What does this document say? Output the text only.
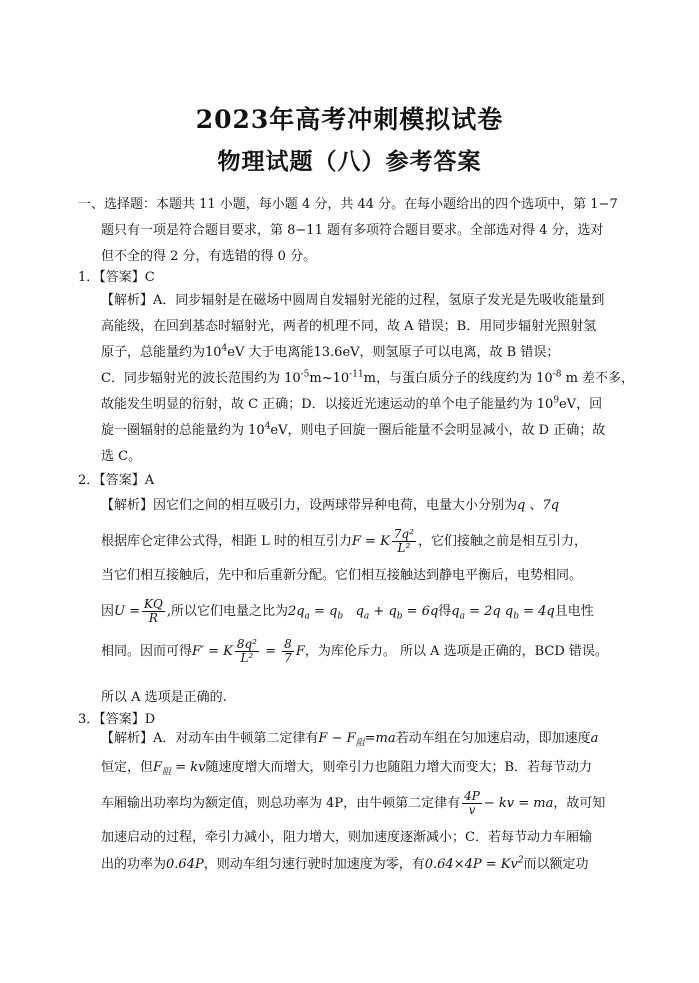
2023年高考冲刺模拟试卷
物理试题（八）参考答案
一、选择题：本题共 11 小题，每小题 4 分，共 44 分。在每小题给出的四个选项中，第 1−7
题只有一项是符合题目要求，第 8−11 题有多项符合题目要求。全部选对得 4 分，选对
但不全的得 2 分，有选错的得 0 分。
1．【答案】C
【解析】A．同步辐射是在磁场中圆周自发辐射光能的过程，氢原子发光是先吸收能量到
高能级，在回到基态时辐射光，两者的机理不同，故 A 错误；B．用同步辐射光照射氢
原子，总能量约为$10^4eV$ 大于电离能13.6eV，则氢原子可以电离，故 B 错误；
C．同步辐射光的波长范围约为 $10^{-5}m\sim 10^{-11}m$，与蛋白质分子的线度约为 $10^{-8}$ m 差不多，
故能发生明显的衍射，故 C 正确；D．以接近光速运动的单个电子能量约为 $10^9eV$，回
旋一圈辐射的总能量约为 $10^4eV$，则电子回旋一圈后能量不会明显减小，故 D 正确；故
选 C。
2．【答案】A
【解析】因它们之间的相互吸引力，设两球带异种电荷，电量大小分别为q 、7q
根据库仑定律公式得，相距 L 时的相互引力F = K $\frac{\text{7q²}}{\text{L²}}$ ，它们接触之前是相互引力，
当它们相互接触后，先中和后重新分配。它们相互接触达到静电平衡后，电势相同。
因$U = \frac{KQ}{R}$ ,所以它们电量之比为$2q_a = q_b$ $q_a + q_b = 6q$得$q_a = 2q$ $q_b = 4q$且电性
相同。因而可得F′ = K $\frac{\text{8q²}}{\text{L²}} = \frac{8}{7}$ F，为库伦斥力。 所以 A 选项是正确的，BCD 错误。
所以 A 选项是正确的.
3．【答案】D
【解析】A．对动车由牛顿第二定律有$F - F_阻=ma$若动车组在匀加速启动，即加速度a
恒定，但$F_阻$ = kv随速度增大而增大，则牵引力也随阻力增大而变大；B．若每节动力
车厢输出功率均为额定值，则总功率为 4P，由牛顿第二定律有 $\frac{4P}{v}$ − kv = ma，故可知
加速启动的过程，牵引力减小，阻力增大，则加速度逐渐减小；C．若每节动力车厢输
出的功率为0.64P，则动车组匀速行驶时加速度为零，有$0.64\times 4P = Kv^2$而以额定功
